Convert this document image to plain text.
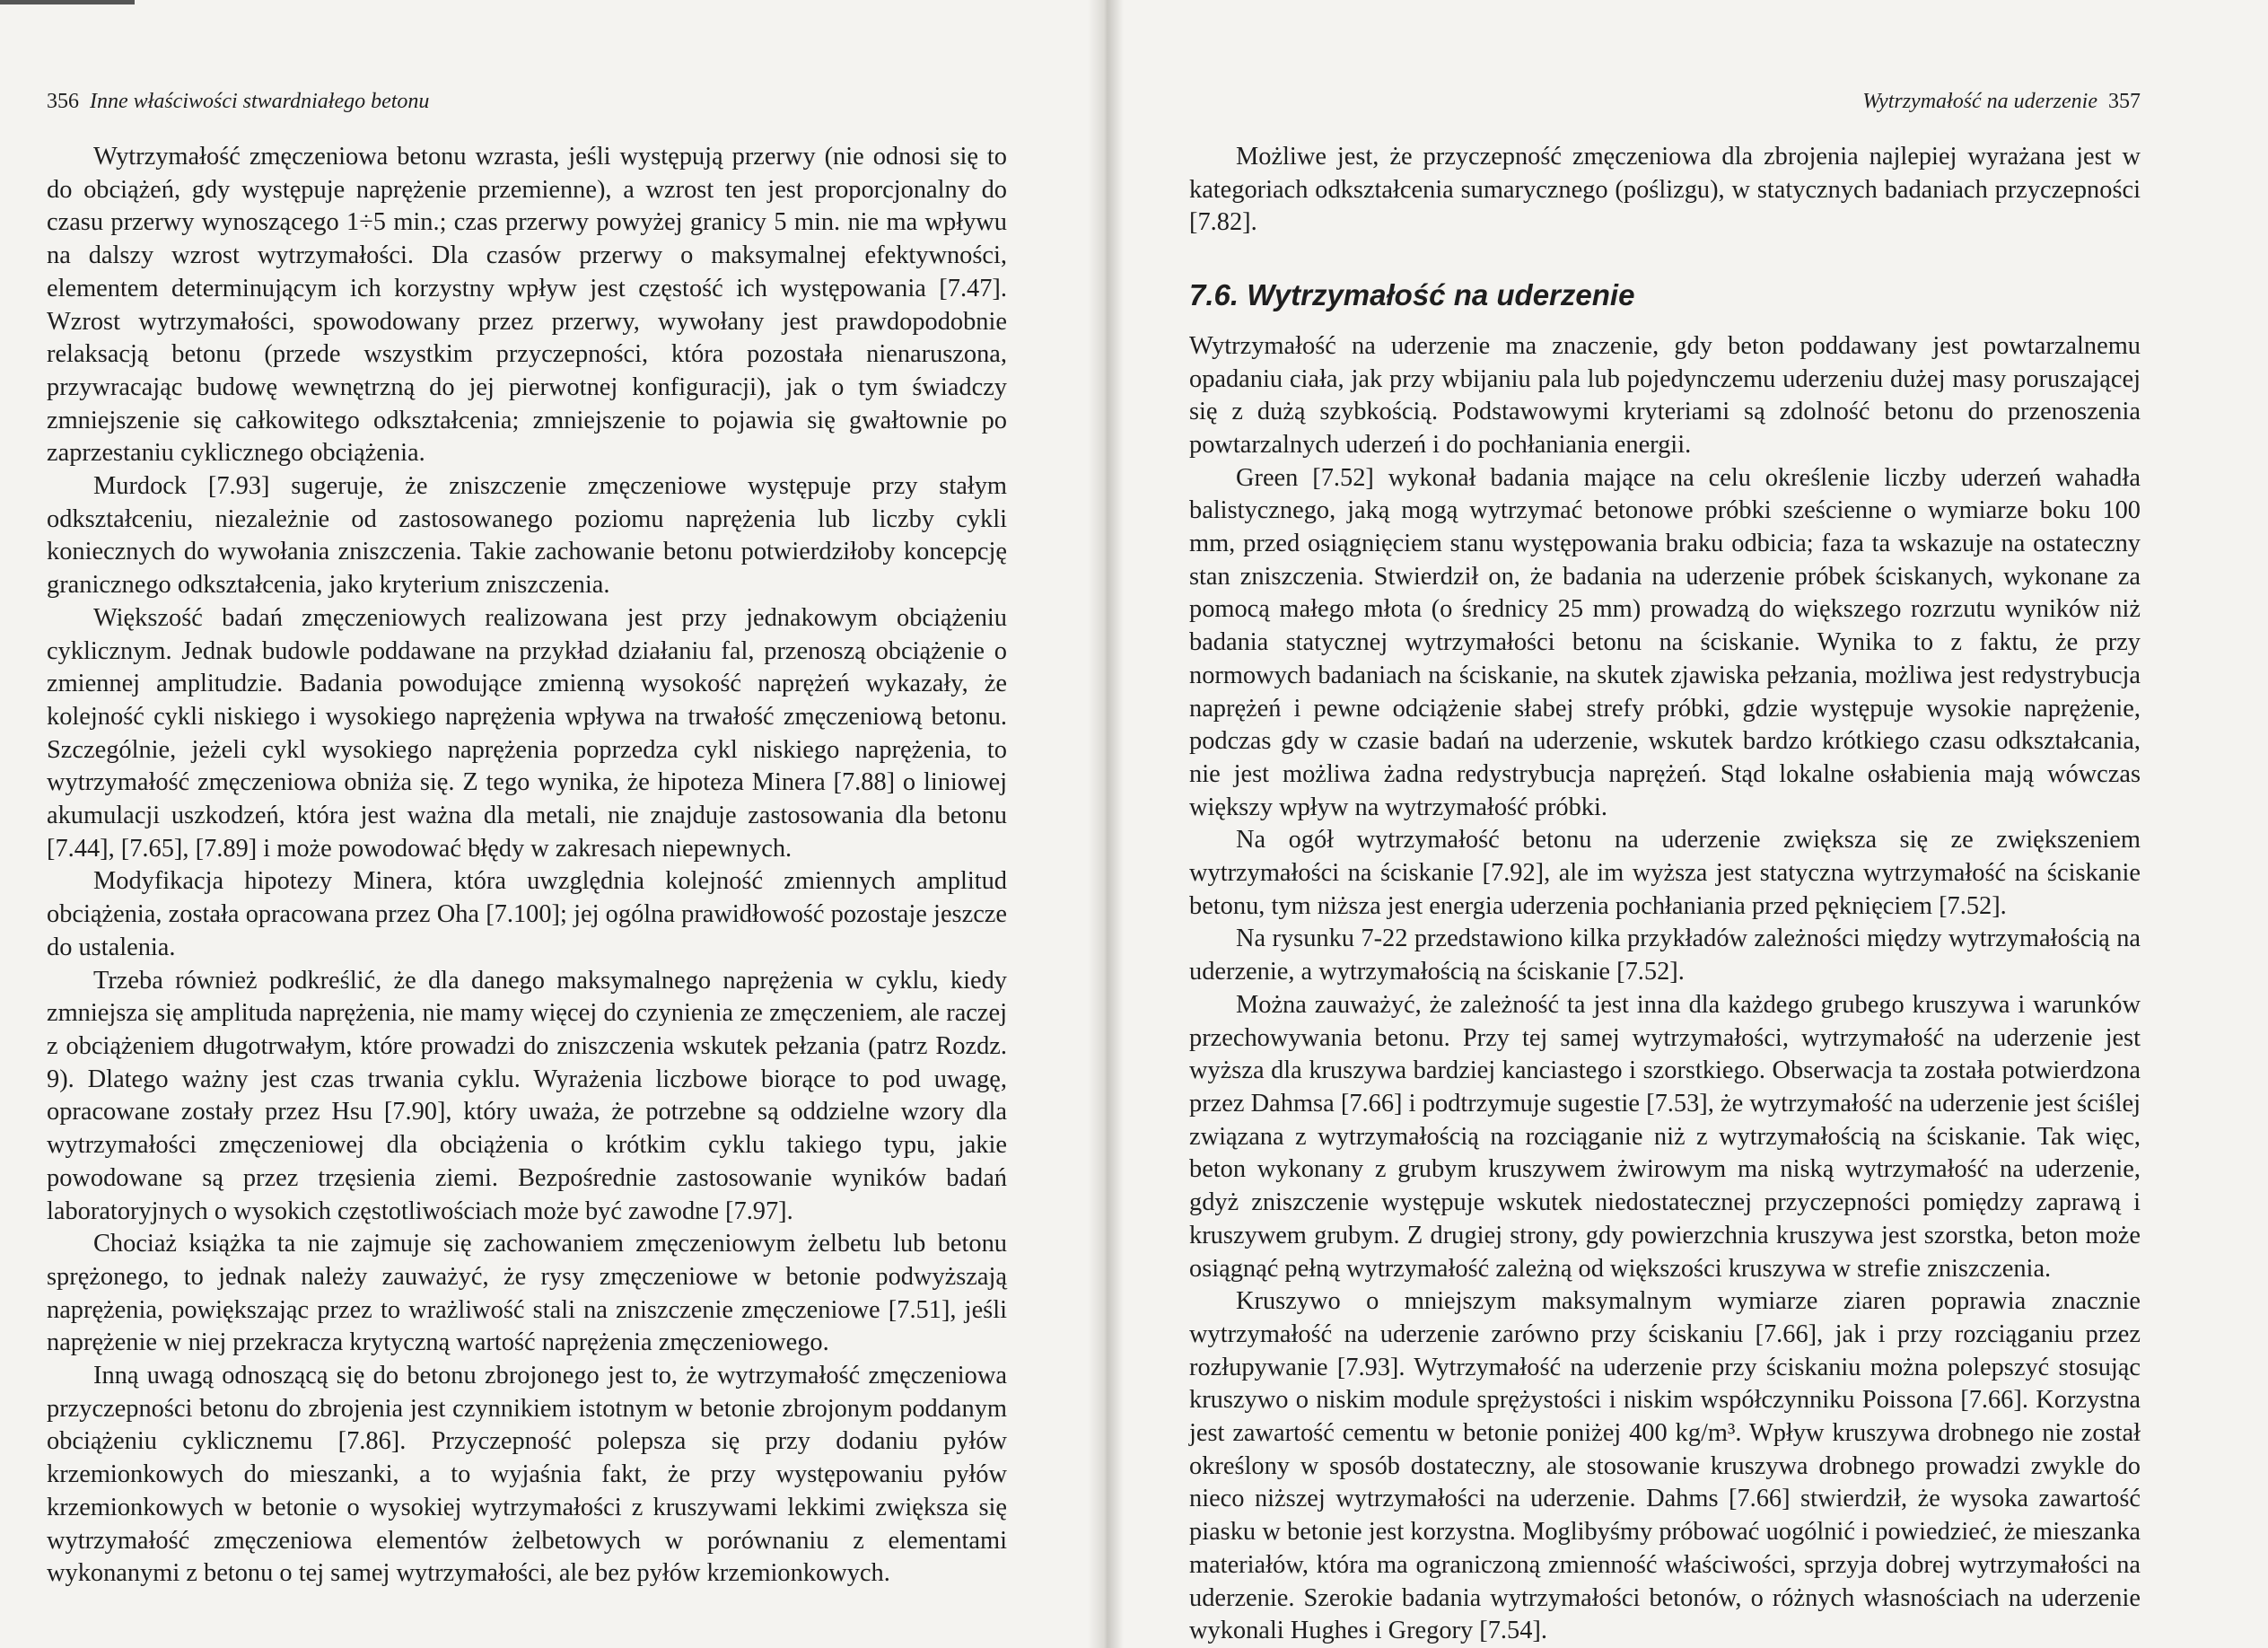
356 Inne właściwości stwardniałego betonu

Wytrzymałość zmęczeniowa betonu wzrasta, jeśli występują przerwy (nie odnosi się to do obciążeń, gdy występuje naprężenie przemienne), a wzrost ten jest proporcjonalny do czasu przerwy wynoszącego 1÷5 min.; czas przerwy powyżej granicy 5 min. nie ma wpływu na dalszy wzrost wytrzymałości. Dla czasów przerwy o maksymalnej efektywności, elementem determinującym ich korzystny wpływ jest częstość ich występowania [7.47]. Wzrost wytrzymałości, spowodowany przez przerwy, wywołany jest prawdopodobnie relaksacją betonu (przede wszystkim przyczepności, która pozostała nienaruszona, przywracając budowę wewnętrzną do jej pierwotnej konfiguracji), jak o tym świadczy zmniejszenie się całkowitego odkształcenia; zmniejszenie to pojawia się gwałtownie po zaprzestaniu cyklicznego obciążenia.

Murdock [7.93] sugeruje, że zniszczenie zmęczeniowe występuje przy stałym odkształceniu, niezależnie od zastosowanego poziomu naprężenia lub liczby cykli koniecznych do wywołania zniszczenia. Takie zachowanie betonu potwierdziłoby koncepcję granicznego odkształcenia, jako kryterium zniszczenia.

Większość badań zmęczeniowych realizowana jest przy jednakowym obciążeniu cyklicznym. Jednak budowle poddawane na przykład działaniu fal, przenoszą obciążenie o zmiennej amplitudzie. Badania powodujące zmienną wysokość naprężeń wykazały, że kolejność cykli niskiego i wysokiego naprężenia wpływa na trwałość zmęczeniową betonu. Szczególnie, jeżeli cykl wysokiego naprężenia poprzedza cykl niskiego naprężenia, to wytrzymałość zmęczeniowa obniża się. Z tego wynika, że hipoteza Minera [7.88] o liniowej akumulacji uszkodzeń, która jest ważna dla metali, nie znajduje zastosowania dla betonu [7.44], [7.65], [7.89] i może powodować błędy w zakresach niepewnych.

Modyfikacja hipotezy Minera, która uwzględnia kolejność zmiennych amplitud obciążenia, została opracowana przez Oha [7.100]; jej ogólna prawidłowość pozostaje jeszcze do ustalenia.

Trzeba również podkreślić, że dla danego maksymalnego naprężenia w cyklu, kiedy zmniejsza się amplituda naprężenia, nie mamy więcej do czynienia ze zmęczeniem, ale raczej z obciążeniem długotrwałym, które prowadzi do zniszczenia wskutek pełzania (patrz Rozdz. 9). Dlatego ważny jest czas trwania cyklu. Wyrażenia liczbowe biorące to pod uwagę, opracowane zostały przez Hsu [7.90], który uważa, że potrzebne są oddzielne wzory dla wytrzymałości zmęczeniowej dla obciążenia o krótkim cyklu takiego typu, jakie powodowane są przez trzęsienia ziemi. Bezpośrednie zastosowanie wyników badań laboratoryjnych o wysokich częstotliwościach może być zawodne [7.97].

Chociaż książka ta nie zajmuje się zachowaniem zmęczeniowym żelbetu lub betonu sprężonego, to jednak należy zauważyć, że rysy zmęczeniowe w betonie podwyższają naprężenia, powiększając przez to wrażliwość stali na zniszczenie zmęczeniowe [7.51], jeśli naprężenie w niej przekracza krytyczną wartość naprężenia zmęczeniowego.

Inną uwagą odnoszącą się do betonu zbrojonego jest to, że wytrzymałość zmęczeniowa przyczepności betonu do zbrojenia jest czynnikiem istotnym w betonie zbrojonym poddanym obciążeniu cyklicznemu [7.86]. Przyczepność polepsza się przy dodaniu pyłów krzemionkowych do mieszanki, a to wyjaśnia fakt, że przy występowaniu pyłów krzemionkowych w betonie o wysokiej wytrzymałości z kruszywami lekkimi zwiększa się wytrzymałość zmęczeniowa elementów żelbetowych w porównaniu z elementami wykonanymi z betonu o tej samej wytrzymałości, ale bez pyłów krzemionkowych.

Wytrzymałość na uderzenie 357

Możliwe jest, że przyczepność zmęczeniowa dla zbrojenia najlepiej wyrażana jest w kategoriach odkształcenia sumarycznego (poślizgu), w statycznych badaniach przyczepności [7.82].

7.6. Wytrzymałość na uderzenie

Wytrzymałość na uderzenie ma znaczenie, gdy beton poddawany jest powtarzalnemu opadaniu ciała, jak przy wbijaniu pala lub pojedynczemu uderzeniu dużej masy poruszającej się z dużą szybkością. Podstawowymi kryteriami są zdolność betonu do przenoszenia powtarzalnych uderzeń i do pochłaniania energii.

Green [7.52] wykonał badania mające na celu określenie liczby uderzeń wahadła balistycznego, jaką mogą wytrzymać betonowe próbki sześcienne o wymiarze boku 100 mm, przed osiągnięciem stanu występowania braku odbicia; faza ta wskazuje na ostateczny stan zniszczenia. Stwierdził on, że badania na uderzenie próbek ściskanych, wykonane za pomocą małego młota (o średnicy 25 mm) prowadzą do większego rozrzutu wyników niż badania statycznej wytrzymałości betonu na ściskanie. Wynika to z faktu, że przy normowych badaniach na ściskanie, na skutek zjawiska pełzania, możliwa jest redystrybucja naprężeń i pewne odciążenie słabej strefy próbki, gdzie występuje wysokie naprężenie, podczas gdy w czasie badań na uderzenie, wskutek bardzo krótkiego czasu odkształcania, nie jest możliwa żadna redystrybucja naprężeń. Stąd lokalne osłabienia mają wówczas większy wpływ na wytrzymałość próbki.

Na ogół wytrzymałość betonu na uderzenie zwiększa się ze zwiększeniem wytrzymałości na ściskanie [7.92], ale im wyższa jest statyczna wytrzymałość na ściskanie betonu, tym niższa jest energia uderzenia pochłaniania przed pęknięciem [7.52].

Na rysunku 7-22 przedstawiono kilka przykładów zależności między wytrzymałością na uderzenie, a wytrzymałością na ściskanie [7.52].

Można zauważyć, że zależność ta jest inna dla każdego grubego kruszywa i warunków przechowywania betonu. Przy tej samej wytrzymałości, wytrzymałość na uderzenie jest wyższa dla kruszywa bardziej kanciastego i szorstkiego. Obserwacja ta została potwierdzona przez Dahmsa [7.66] i podtrzymuje sugestie [7.53], że wytrzymałość na uderzenie jest ściślej związana z wytrzymałością na rozciąganie niż z wytrzymałością na ściskanie. Tak więc, beton wykonany z grubym kruszywem żwirowym ma niską wytrzymałość na uderzenie, gdyż zniszczenie występuje wskutek niedostatecznej przyczepności pomiędzy zaprawą i kruszywem grubym. Z drugiej strony, gdy powierzchnia kruszywa jest szorstka, beton może osiągnąć pełną wytrzymałość zależną od większości kruszywa w strefie zniszczenia.

Kruszywo o mniejszym maksymalnym wymiarze ziaren poprawia znacznie wytrzymałość na uderzenie zarówno przy ściskaniu [7.66], jak i przy rozciąganiu przez rozłupywanie [7.93]. Wytrzymałość na uderzenie przy ściskaniu można polepszyć stosując kruszywo o niskim module sprężystości i niskim współczynniku Poissona [7.66]. Korzystna jest zawartość cementu w betonie poniżej 400 kg/m³. Wpływ kruszywa drobnego nie został określony w sposób dostateczny, ale stosowanie kruszywa drobnego prowadzi zwykle do nieco niższej wytrzymałości na uderzenie. Dahms [7.66] stwierdził, że wysoka zawartość piasku w betonie jest korzystna. Moglibyśmy próbować uogólnić i powiedzieć, że mieszanka materiałów, która ma ograniczoną zmienność właściwości, sprzyja dobrej wytrzymałości na uderzenie. Szerokie badania wytrzymałości betonów, o różnych własnościach na uderzenie wykonali Hughes i Gregory [7.54].
